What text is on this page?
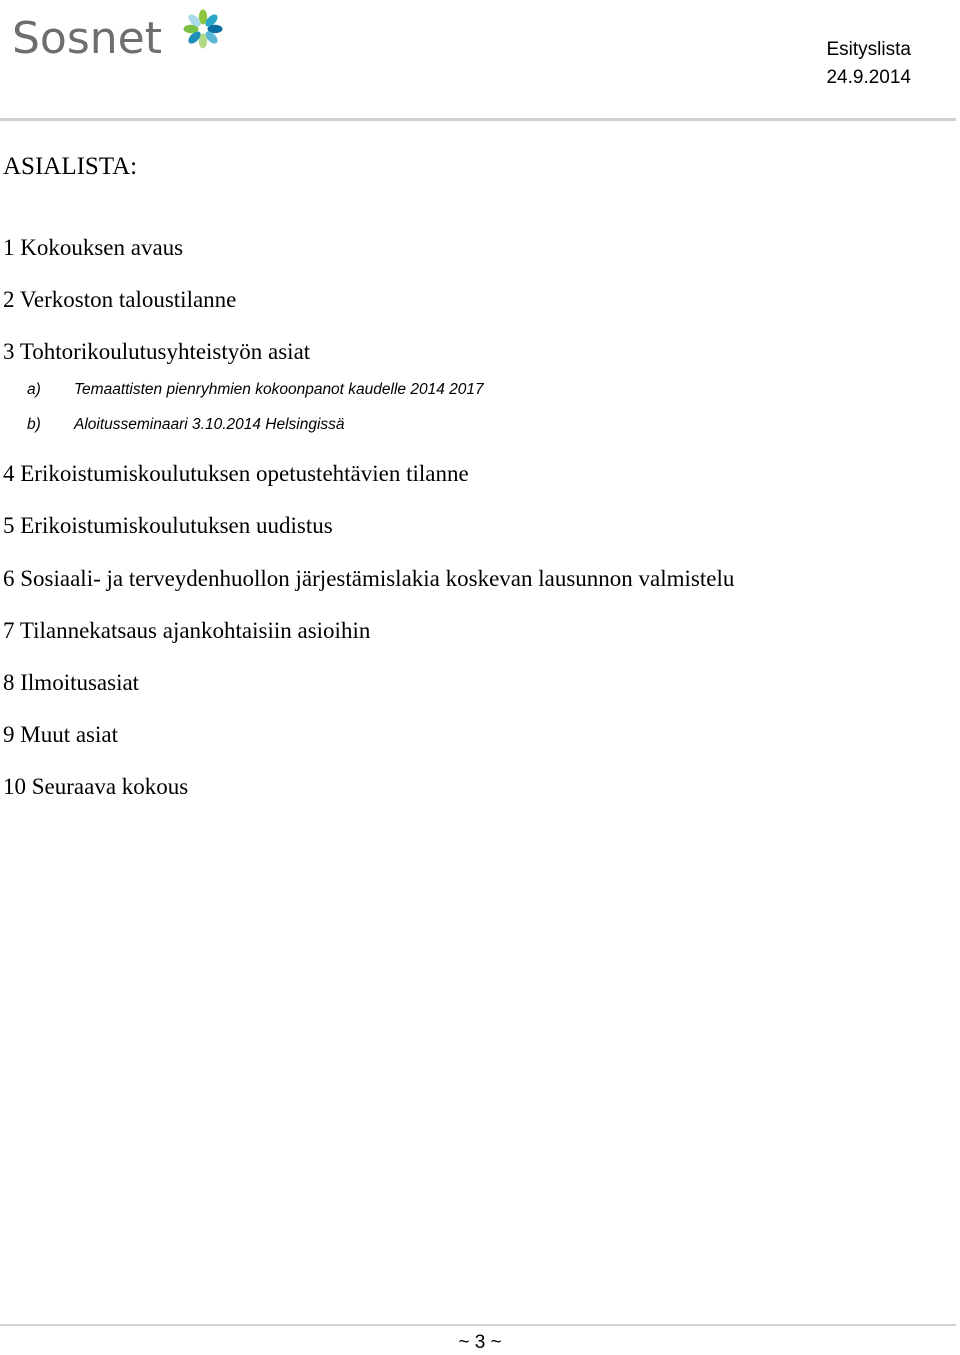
Sosnet	Esityslista
24.9.2014
ASIALISTA:
1 Kokouksen avaus
2 Verkoston taloustilanne
3 Tohtorikoulutusyhteistyön asiat
a) Temaattisten pienryhmien kokoonpanot kaudelle 2014 2017
b) Aloitusseminaari 3.10.2014 Helsingissä
4 Erikoistumiskoulutuksen opetustehtävien tilanne
5 Erikoistumiskoulutuksen uudistus
6 Sosiaali- ja terveydenhuollon järjestämislakia koskevan lausunnon valmistelu
7 Tilannekatsaus ajankohtaisiin asioihin
8 Ilmoitusasiat
9 Muut asiat
10 Seuraava kokous
~ 3 ~
